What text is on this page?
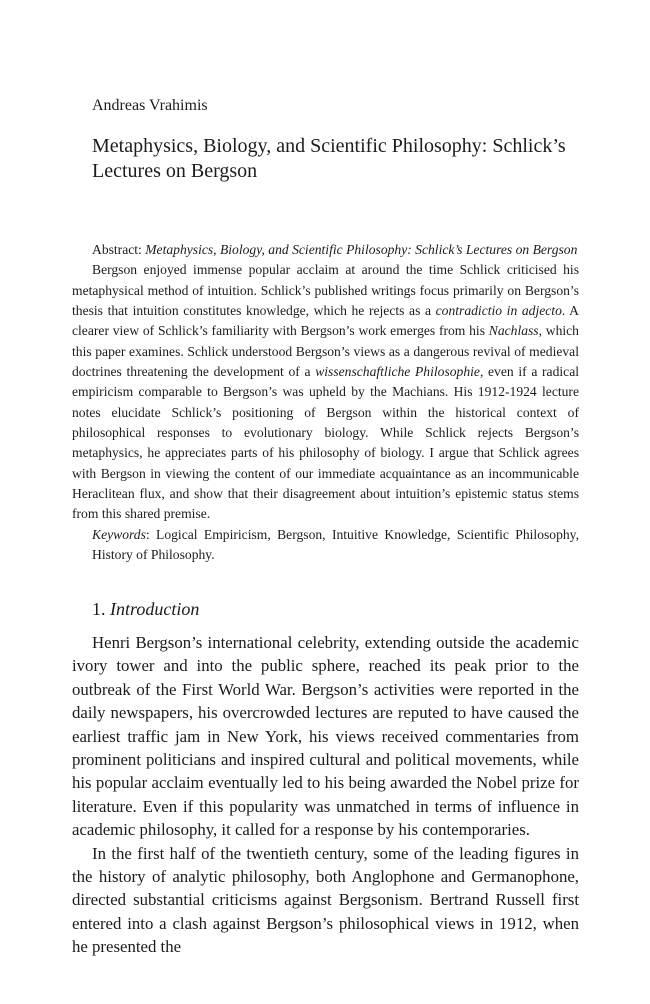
Andreas Vrahimis

Metaphysics, Biology, and Scientific Philosophy: Schlick’s Lectures on Bergson

Abstract: Metaphysics, Biology, and Scientific Philosophy: Schlick’s Lectures on Bergson

Bergson enjoyed immense popular acclaim at around the time Schlick criticised his metaphysical method of intuition. Schlick’s published writings focus primarily on Bergson’s thesis that intuition constitutes knowledge, which he rejects as a contradictio in adjecto. A clearer view of Schlick’s familiarity with Bergson’s work emerges from his Nachlass, which this paper examines. Schlick understood Bergson’s views as a dangerous revival of medieval doctrines threatening the development of a wissenschaftliche Philosophie, even if a radical empiricism comparable to Bergson’s was upheld by the Machians. His 1912-1924 lecture notes elucidate Schlick’s positioning of Bergson within the historical context of philosophical responses to evolutionary biology. While Schlick rejects Bergson’s metaphysics, he appreciates parts of his philosophy of biology. I argue that Schlick agrees with Bergson in viewing the content of our immediate acquaintance as an incommunicable Heraclitean flux, and show that their disagreement about intuition’s epistemic status stems from this shared premise.

Keywords: Logical Empiricism, Bergson, Intuitive Knowledge, Scientific Philosophy, History of Philosophy.

1. Introduction

Henri Bergson’s international celebrity, extending outside the academic ivory tower and into the public sphere, reached its peak prior to the outbreak of the First World War. Bergson’s activities were reported in the daily newspapers, his overcrowded lectures are reputed to have caused the earliest traffic jam in New York, his views received commentaries from prominent politicians and inspired cultural and political movements, while his popular acclaim eventually led to his being awarded the Nobel prize for literature. Even if this popularity was unmatched in terms of influence in academic philosophy, it called for a response by his contemporaries.

In the first half of the twentieth century, some of the leading figures in the history of analytic philosophy, both Anglophone and Germanophone, directed substantial criticisms against Bergsonism. Bertrand Russell first entered into a clash against Bergson’s philosophical views in 1912, when he presented the
